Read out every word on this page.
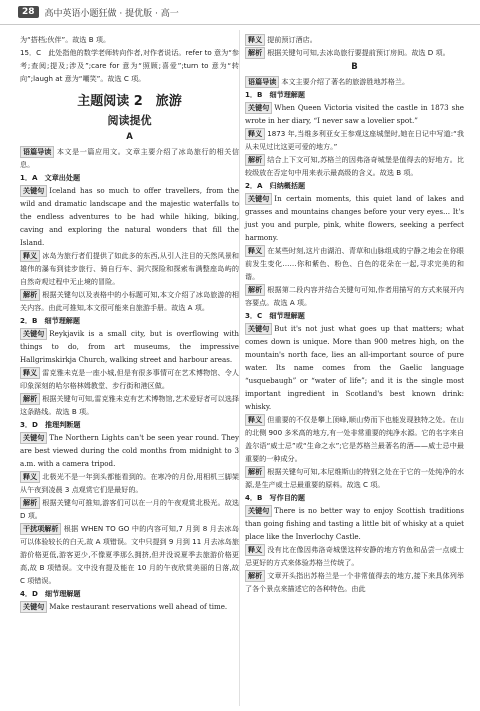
28	高中英语小题狂做 · 提优版 · 高一

为“搭档;伙伴”。故选 B 项。

15．C　此处指他的数学老师转向作者,对作者说话。refer to 意为“参考;查阅;提及;涉及”;care for 意为“照顾;喜爱”;turn to 意为“转向”;laugh at 意为“嘲笑”。故选 C 项。

主题阅读 2　旅游
阅读提优
A

语篇导读 本文是一篇应用文。文章主要介绍了冰岛旅行的相关信息。

1．A　文章出处题

关键句 Iceland has so much to offer travellers, from the wild and dramatic landscape and the majestic waterfalls to the endless adventures to be had while hiking, biking, caving and exploring the natural wonders that fill the Island.

释义 冰岛为旅行者们提供了如此多的东西,从引人注目的天然风景和雄伟的瀑布到徒步旅行、骑自行车、洞穴探险和探索布满整座岛屿的自然奇观过程中无止境的冒险。

解析 根据关键句以及表格中的小标题可知,本文介绍了冰岛旅游的相关内容。由此可推知,本文很可能来自旅游手册。故选 A 项。

2．B　细节理解题

关键句 Reykjavik is a small city, but is overflowing with things to do, from art museums, the impressive Hallgrimskirkja Church, walking street and harbour areas.

释义 雷克雅未克是一座小城,但是有很多事情可在艺术博物馆、令人印象深刻的哈尔格林姆教堂、步行街和港区做。

解析 根据关键句可知,雷克雅未克有艺术博物馆,艺术爱好者可以选择这条路线。故选 B 项。

3．D　推理判断题

关键句 The Northern Lights can't be seen year round. They are best viewed during the cold months from midnight to 3 a.m. with a camera tripod.

释义 北极光不是一年到头都能看到的。在寒冷的月份,用相机三脚架从午夜到凌晨 3 点观赏它们是最好的。

解析 根据关键句可推知,游客们可以在一月的午夜观赏北极光。故选 D 项。

干扰项解析 根据 WHEN TO GO 中的内容可知,7 月到 8 月去冰岛可以体验较长的白天,故 A 项错误。文中只提到 9 月到 11 月去冰岛旅游价格更低,游客更少,不像夏季那么拥挤,但并没说夏季去旅游价格更高,故 B 项错误。文中没有提及能在 10 月的午夜欣赏美丽的日落,故 C 项错误。

4．D　细节理解题

关键句 Make restaurant reservations well ahead of time.

释义 提前预订酒店。

解析 根据关键句可知,去冰岛旅行要提前预订房间。故选 D 项。

B

语篇导读 本文主要介绍了著名的旅游胜地苏格兰。

1．B　细节理解题

关键句 When Queen Victoria visited the castle in 1873 she wrote in her diary, “I never saw a lovelier spot.”

释义 1873 年,当维多利亚女王参观这座城堡时,她在日记中写道:“我从未见过比这更可爱的地方。”

解析 结合上下文可知,苏格兰的因弗洛奇城堡是值得去的好地方。比较级放在否定句中用来表示最高级的含义。故选 B 项。

2．A　归纳概括题

关键句 In certain moments, this quiet land of lakes and grasses and mountains changes before your very eyes… It's just you and purple, pink, white flowers, seeking a perfect harmony.

释义 在某些时刻,这片由湖泊、青草和山脉组成的宁静之地会在你眼前发生变化……你和紫色、粉色、白色的花朵在一起,寻求完美的和谐。

解析 根据第二段内容并结合关键句可知,作者用描写的方式来展开内容要点。故选 A 项。

3．C　细节理解题

关键句 But it's not just what goes up that matters; what comes down is unique. More than 900 metres high, on the mountain's north face, lies an all-important source of pure water. Its name comes from the Gaelic language “usquebaugh” or “water of life”; and it is the single most important ingredient in Scotland's best known drink: whisky.

释义 但重要的不仅是攀上顶峰,顺山势而下也能发现独特之处。在山的北侧 900 多米高的地方,有一处非常重要的纯净水源。它的名字来自盖尔语“威士忌”或“生命之水”;它是苏格兰最著名的酒——威士忌中最重要的一种成分。

解析 根据关键句可知,本尼维斯山的特别之处在于它的一处纯净的水源,是生产威士忌最重要的原料。故选 C 项。

4．B　写作目的题

关键句 There is no better way to enjoy Scottish traditions than going fishing and tasting a little bit of whisky at a quiet place like the Inverlochy Castle.

释义 没有比在像因弗洛奇城堡这样安静的地方钓鱼和品尝一点威士忌更好的方式来体验苏格兰传统了。

解析 文章开头指出苏格兰是一个非常值得去的地方,接下来具体列举了各个景点来描述它的各种特色。由此
